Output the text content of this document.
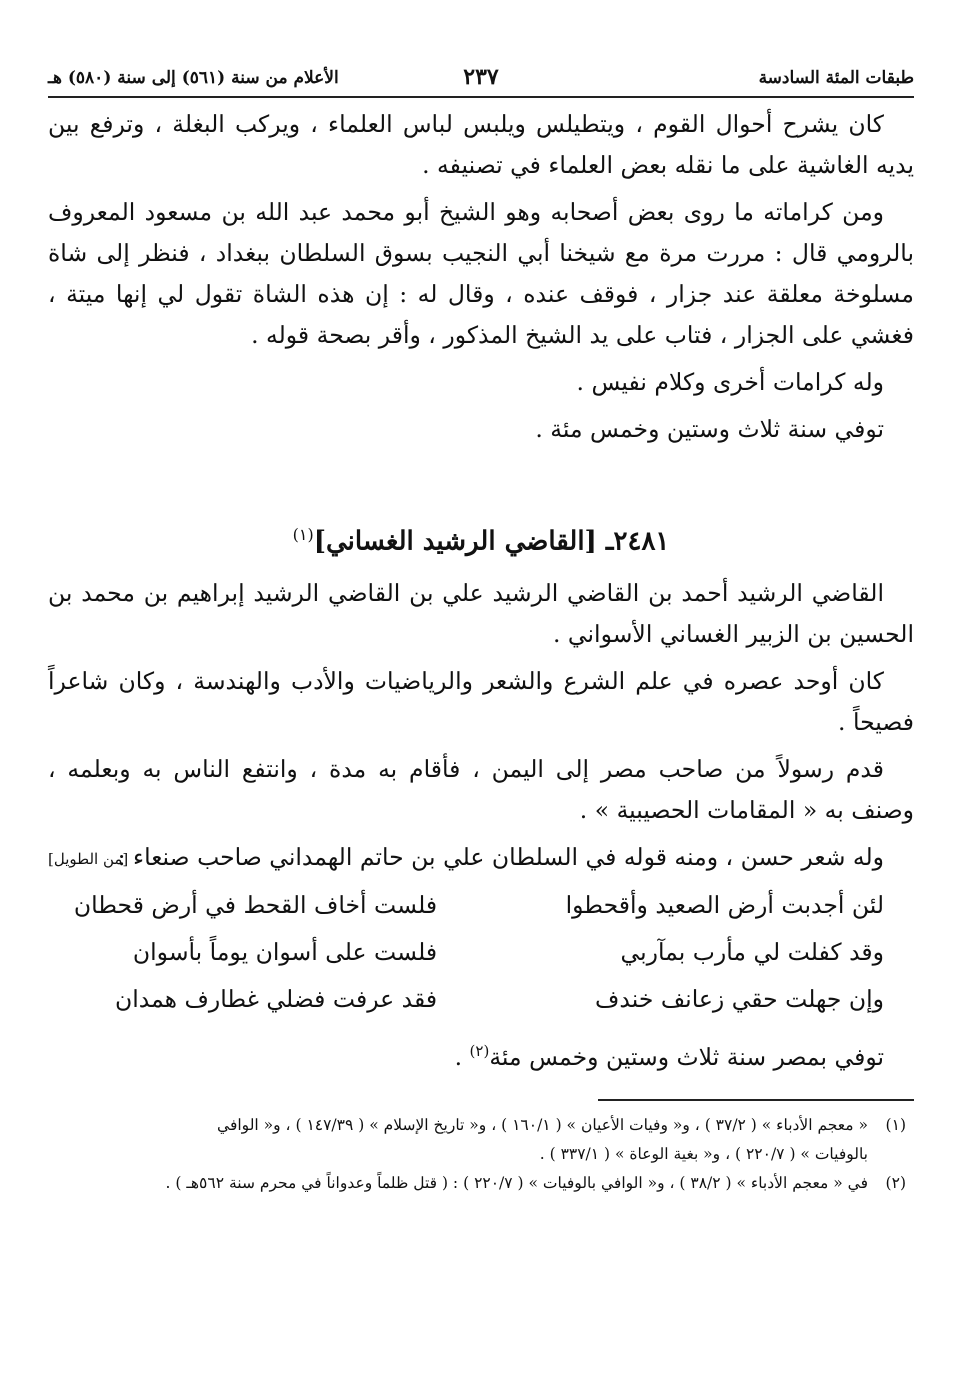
طبقات المئة السادسة
٢٣٧
الأعلام من سنة (٥٦١) إلى سنة (٥٨٠) هـ

كان يشرح أحوال القوم ، ويتطيلس ويلبس لباس العلماء ، ويركب البغلة ، وترفع بين يديه الغاشية على ما نقله بعض العلماء في تصنيفه .

ومن كراماته ما روى بعض أصحابه وهو الشيخ أبو محمد عبد الله بن مسعود المعروف بالرومي قال : مررت مرة مع شيخنا أبي النجيب بسوق السلطان ببغداد ، فنظر إلى شاة مسلوخة معلقة عند جزار ، فوقف عنده ، وقال له : إن هذه الشاة تقول لي إنها ميتة ، فغشي على الجزار ، فتاب على يد الشيخ المذكور ، وأقر بصحة قوله .

وله كرامات أخرى وكلام نفيس .

توفي سنة ثلاث وستين وخمس مئة .

٢٤٨١ـ [القاضي الرشيد الغساني]$^{(١)}$

القاضي الرشيد أحمد بن القاضي الرشيد علي بن القاضي الرشيد إبراهيم بن محمد بن الحسين بن الزبير الغساني الأسواني .

كان أوحد عصره في علم الشرع والشعر والرياضيات والأدب والهندسة ، وكان شاعراً فصيحاً .

قدم رسولاً من صاحب مصر إلى اليمن ، فأقام به مدة ، وانتفع الناس به وبعلمه ، وصنف به « المقامات الحصيبية » .

وله شعر حسن ، ومنه قوله في السلطان علي بن حاتم الهمداني صاحب صنعاء :
[من الطويل]
لئن أجدبت أرض الصعيد وأقحطوا
فلست أخاف القحط في أرض قحطان
وقد كفلت لي مأرب بمآربي
فلست على أسوان يوماً بأسوان
وإن جهلت حقي زعانف خندف
فقد عرفت فضلي غطارف همدان

توفي بمصر سنة ثلاث وستين وخمس مئة$^{(٢)}$ .

(١)
« معجم الأدباء » ( ٣٧/٢ ) ، و« وفيات الأعيان » ( ١٦٠/١ ) ، و« تاريخ الإسلام » ( ١٤٧/٣٩ ) ، و« الوافي
بالوفيات » ( ٢٢٠/٧ ) ، و« بغية الوعاة » ( ٣٣٧/١ ) .
(٢)
في « معجم الأدباء » ( ٣٨/٢ ) ، و« الوافي بالوفيات » ( ٢٢٠/٧ ) : ( قتل ظلماً وعدواناً في محرم سنة ٥٦٢هـ ) .
